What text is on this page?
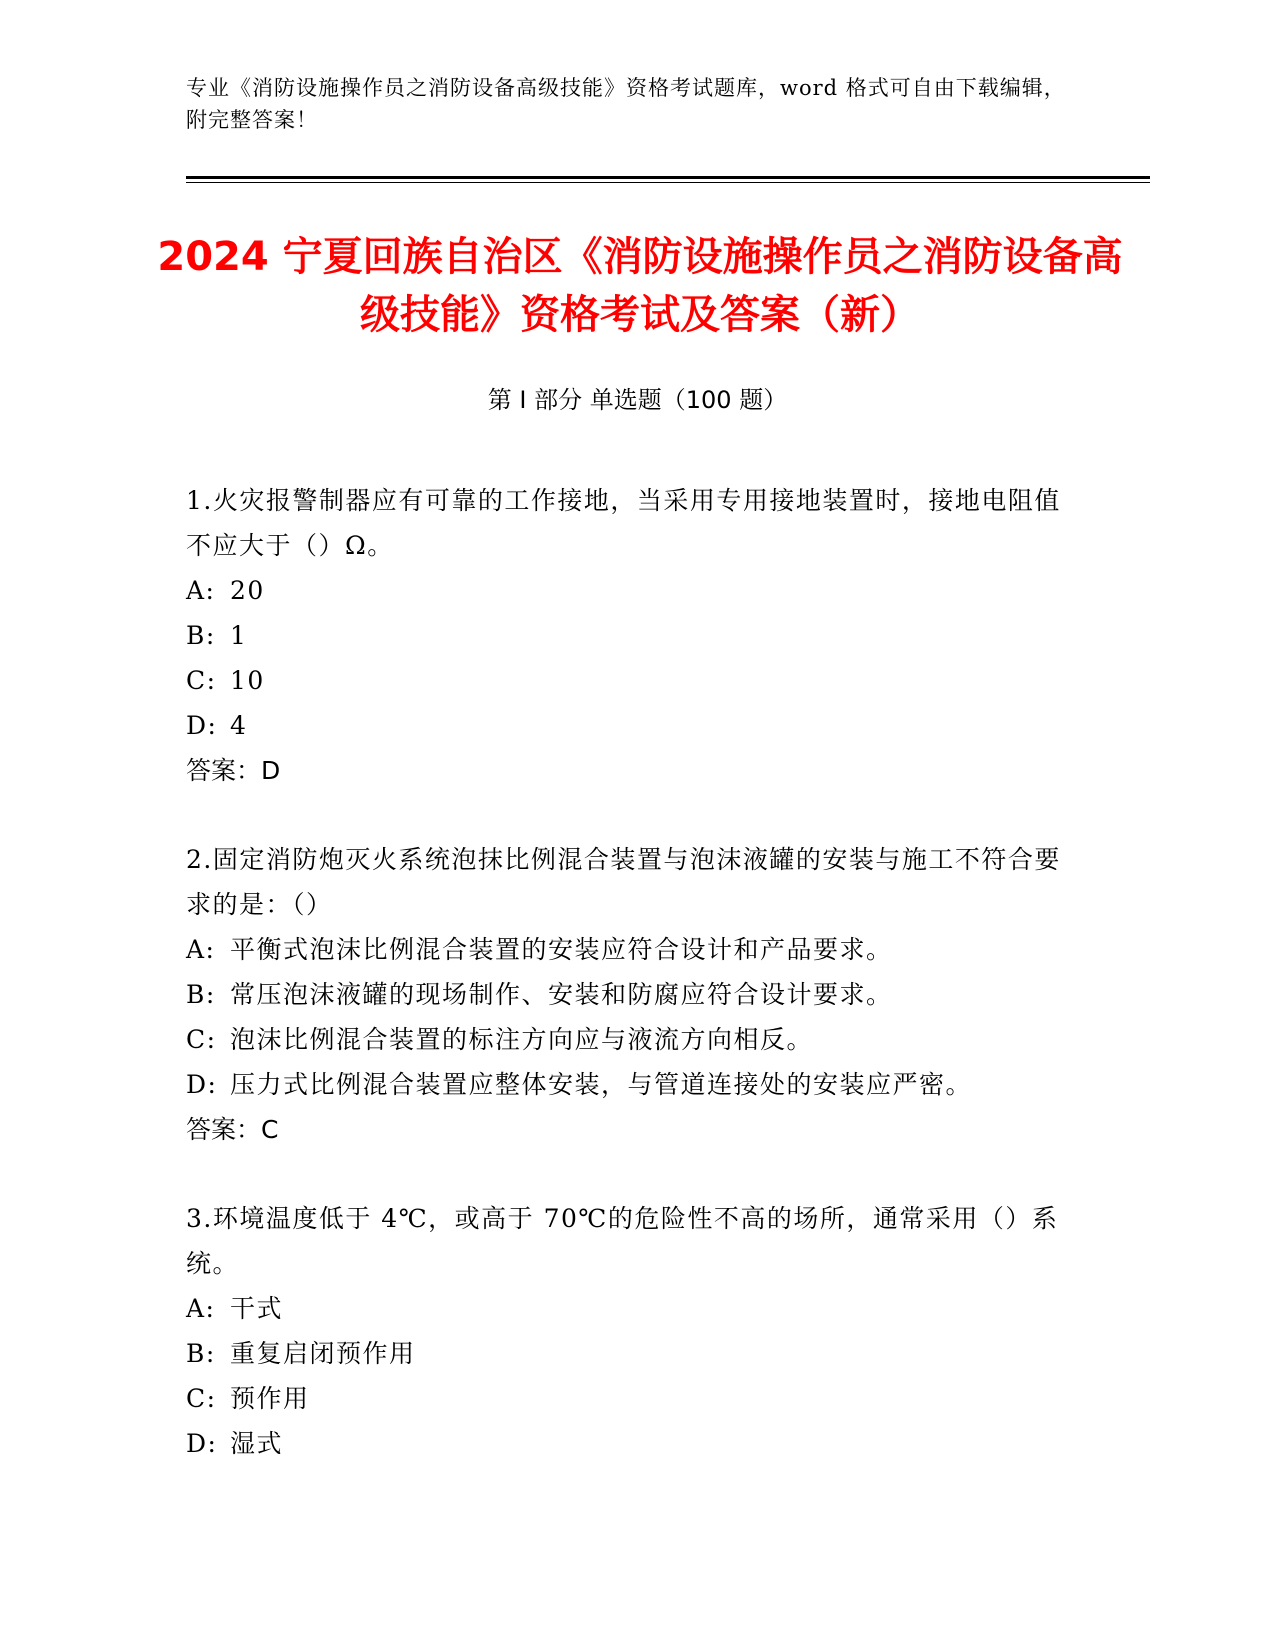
专业《消防设施操作员之消防设备高级技能》资格考试题库，word 格式可自由下载编辑，附完整答案！
2024 宁夏回族自治区《消防设施操作员之消防设备高级技能》资格考试及答案（新）
第 I 部分 单选题（100 题）
1.火灾报警制器应有可靠的工作接地，当采用专用接地装置时，接地电阻值不应大于（）Ω。
A: 20
B: 1
C: 10
D: 4
答案：D
2.固定消防炮灭火系统泡抹比例混合装置与泡沫液罐的安装与施工不符合要求的是：（）
A: 平衡式泡沫比例混合装置的安装应符合设计和产品要求。
B: 常压泡沫液罐的现场制作、安装和防腐应符合设计要求。
C: 泡沫比例混合装置的标注方向应与液流方向相反。
D: 压力式比例混合装置应整体安装，与管道连接处的安装应严密。
答案：C
3.环境温度低于 4℃，或高于 70℃的危险性不高的场所，通常采用（）系统。
A: 干式
B: 重复启闭预作用
C: 预作用
D: 湿式
